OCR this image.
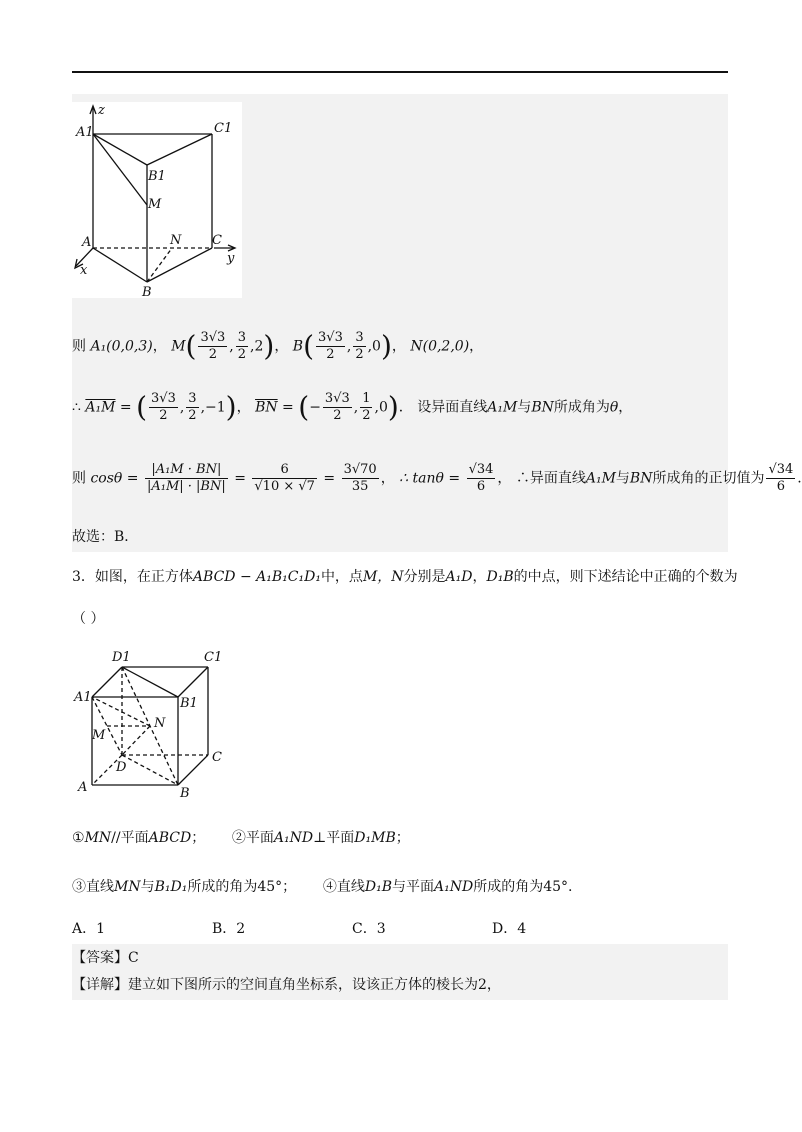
z
A1	C1
B1
M
A	N C
y
x
B
则 A₁(0,0,3)， $M( \frac{3√3}{2}$ , $\frac{3}{2} ,2$)， $B( \frac{3√3}{2}$ , $\frac{3}{2} ,0$)， N(0,2,0)，
∴ A₁M = ( $\frac{3√3}{2}$ , $\frac{3}{2} ,-1$)， $\overline{BN}$ = (− $\frac{3√3}{2}$ , $\frac{1}{2} ,0$)． 设异面直线A₁M与BN所成角为θ，
则 $\cos\theta = \frac{\text{|A₁M · BN|}}{\text{|A₁M| · |BN|}} = \frac{6}{√10 \times √7} = \frac{3√70}{35}$ ， ∴ $\tan\theta = \frac{√34}{6}$ ， ∴异面直线A₁M与BN所成角的正切值为 $\frac{√34}{6}$ .
故选：B．
3．如图，在正方体ABCD − A₁B₁C₁D₁中，点M，N分别是A₁D，D₁B的中点，则下述结论中正确的个数为
（ ）
D1	C1
A1	B1
N
M
D
C
A	B
①MN//平面ABCD； ②平面A₁ND⊥平面D₁MB；
③直线MN与B₁D₁所成的角为45°； ④直线D₁B与平面A₁ND所成的角为45°.
A．1	B．2	C．3	D．4
【答案】C
【详解】建立如下图所示的空间直角坐标系，设该正方体的棱长为2，
